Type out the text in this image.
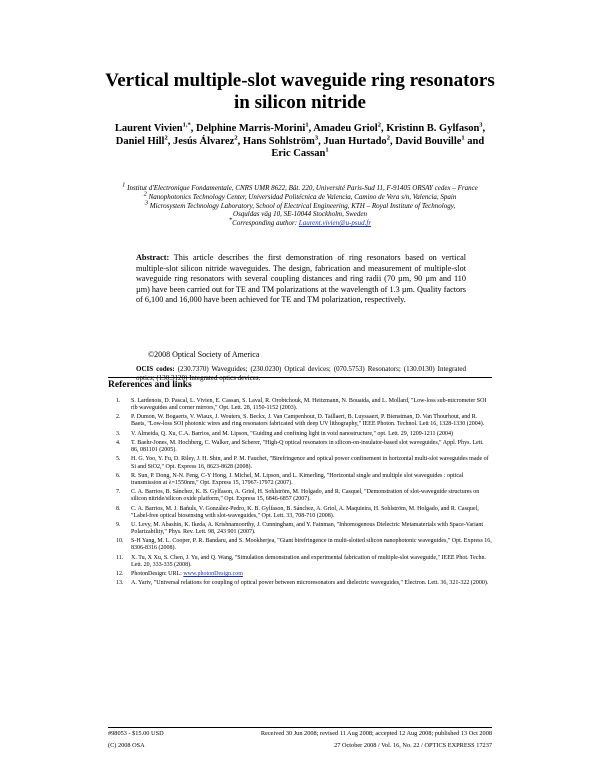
Vertical multiple-slot waveguide ring resonators
in silicon nitride
Laurent Vivien$^{1,*}$, Delphine Marris-Morini$^1$, Amadeu Griol$^2$, Kristinn B. Gylfason$^3$, Daniel Hill$^2$, Jesús Álvarez$^2$, Hans Sohlström$^3$, Juan Hurtado$^2$, David Bouville$^1$ and Eric Cassan$^1$
$^1$ Institut d'Electronique Fondamentale, CNRS UMR 8622, Bât. 220, Université Paris-Sud 11, F-91405 ORSAY cedex – France
$^2$ Nanophotonics Technology Center, Universidad Politécnica de Valencia, Camino de Vera s/n, Valencia, Spain
$^3$ Microsystem Technology Laboratory, School of Electrical Engineering, KTH – Royal Institute of Technology,
Osquldas väg 10, SE-10044 Stockholm, Sweden
*Corresponding author: Laurent.vivien@u-psud.fr
Abstract: This article describes the first demonstration of ring resonators based on vertical multiple-slot silicon nitride waveguides. The design, fabrication and measurement of multiple-slot waveguide ring resonators with several coupling distances and ring radii (70 µm, 90 µm and 110 µm) have been carried out for TE and TM polarizations at the wavelength of 1.3 µm. Quality factors of 6,100 and 16,000 have been achieved for TE and TM polarization, respectively.
©2008 Optical Society of America
OCIS codes: (230.7370) Waveguides; (230.0230) Optical devices; (070.5753) Resonators; (130.0130) Integrated optics; (130.3120) Integrated optics devices.
References and links
1.	S. Lardenois, D. Pascal, L. Vivien, E. Cassan, S. Laval, R. Orobtchouk, M. Heitzmann, N. Bouaida, and L. Mollard, "Low-loss sub-micrometer SOI rib waveguides and corner mirrors," Opt. Lett. 28, 1150-1152 (2003).
2.	P. Dumon, W. Bogaerts, V. Wiaux, J. Wouters, S. Beckx, J. Van Campenhout, D. Taillaert, B. Luyssaert, P. Bienstman, D. Van Thourhout, and R. Baets, "Low-loss SOI photonic wires and ring resonators fabricated with deep UV lithography," IEEE Photon. Technol. Lett 16, 1328-1330 (2004).
3.	V. Almeida, Q. Xu, C.A. Barrios, and M. Lipson, "Guiding and confining light in void nanostructure," opt. Lett. 29, 1209-1211 (2004)
4.	T. Baehr-Jones, M. Hochberg, C. Walker, and Scherer, "High-Q optical resonators in silicon-on-insulator-based slot waveguides," Appl. Phys. Lett. 86, 081101 (2005).
5.	H. G. Yoo, Y. Fu, D. Riley, J. H. Shin, and P. M. Fauchet, "Birefringence and optical power confinement in horizontal multi-slot waveguides made of Si and SiO2," Opt. Express 16, 8623-8628 (2008).
6.	R. Sun, P. Dong, N-N. Feng, C-Y Hong, J. Michel, M. Lipson, and L. Kimerling, "Horizontal single and multiple slot waveguides : optical transmission at λ=1550nm," Opt. Express 15, 17967-17972 (2007).
7.	C. A. Barrios, B. Sánchez, K. B. Gylfason, A. Griol, H. Sohlström, M. Holgado, and R. Casquel, "Demonstration of slot-waveguide structures on silicon nitride/silicon oxide platform," Opt. Express 15, 6846-6857 (2007).
8.	C. A. Barrios, M. J. Bañuls, V. González-Pedro, K. B. Gylfason, B. Sánchez, A. Griol, A. Maquieira, H. Sohlström, M. Holgado, and R. Casquel, "Label-free optical biosensing with slot-waveguides," Opt. Lett. 33, 708-710 (2008).
9.	U. Levy, M. Abashin, K. Ikeda, A. Krishnamoorthy, J. Cunningham, and Y. Fainman, "Inhomogenous Dielectric Metamaterials with Space-Variant Polarizability," Phys. Rev. Lett. 98, 243 901 (2007).
10.	S-H Yang, M. L. Cooper, P. R. Bandaru, and S. Mookherjea, "Giant birefringence in multi-slotted silicon nanophotonic waveguides," Opt. Express 16, 8306-8316 (2008).
11.	X. Tu, X Xu, S. Chen, J. Yu, and Q. Wang, "Simulation demonstration and experimental fabrication of multiple-slot waveguide," IEEE Phot. Techn. Lett. 20, 333-335 (2008).
12.	PhotonDesign: URL: www.photonDesign.com
13.	A. Yariv, "Universal relations for coupling of optical power between microresonators and dielectric waveguides," Electron. Lett. 36, 321-322 (2000).
#98053 - $15.00 USD	Received 30 Jun 2008; revised 11 Aug 2008; accepted 12 Aug 2008; published 13 Oct 2008
(C) 2008 OSA	27 October 2008 / Vol. 16, No. 22 / OPTICS EXPRESS 17237
